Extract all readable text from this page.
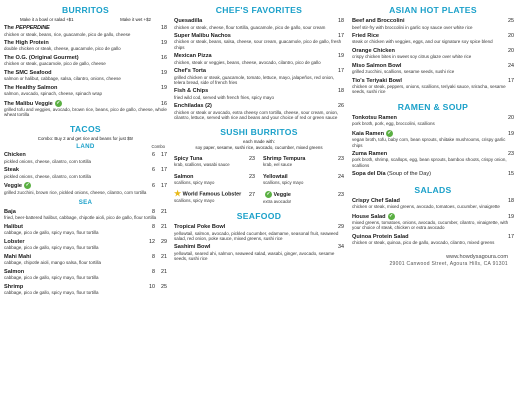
BURRITOS
Make it a bowl or salad +$1	Make it wet +$2
The PEPPERDINE	18
chicken or steak, beans, rice, guacamole, pico de gallo, cheese
The High Protein	19
double chicken or steak, cheese, guacamole, pico de gallo
The O.G. (Original Gourmet)	16
chicken or steak, guacamole, pico de gallo, cheese
The SMC Seafood	19
salmon or halibut, cabbage, salsa, cilantro, onions, cheese
The Healthy Salmon	19
salmon, avocado, spinach, cheese, spinach wrap
The Malibu Veggie ✓	16
grilled tofu and veggies, avocado, brown rice, beans, pico de gallo, cheese, whole wheat tortilla
TACOS
Combo: Buy 2 and get rice and beans for just $5!
LAND	Combo
Chicken	6 17
pickled onions, cheese, cilantro, corn tortilla
Steak	6 17
pickled onions, cheese, cilantro, corn tortilla
Veggie ✓	6 17
grilled zucchini, brown rice, pickled onions, cheese, cilantro, corn tortilla
SEA
Baja	8 21
fried, beer-battered halibut, cabbage, chipotle aioli, pico de gallo, flour tortilla
Halibut	8 21
cabbage, pico de gallo, spicy mayo, flour tortilla
Lobster	12 29
cabbage, pico de gallo, spicy mayo, flour tortilla
Mahi Mahi	8 21
cabbage, chipotle aioli, mango salsa, flour tortilla
Salmon	8 21
cabbage, pico de gallo, spicy mayo, flour tortilla
Shrimp	10 25
cabbage, pico de gallo, spicy mayo, flour tortilla
CHEF'S FAVORITES
Quesadilla	18
chicken or steak, cheese, flour tortilla, guacamole, pico de gallo, sour cream
Super Malibu Nachos	17
chicken or steak, beans, salsa, cheese, sour cream, guacamole, pico de gallo, fresh chips
Mexican Pizza	19
chicken, steak or veggies, beans, cheese, avocado, cilantro, pico de gallo
Chef's Torta	17
grilled chicken or steak, guacamole, tomato, lettuce, mayo, jalapeños, red onion, telera bread, side of french fries
Fish & Chips	18
fried wild cod, served with french fries, spicy mayo
Enchiladas (2)	26
chicken or steak or avocado, extra cheesy corn tortilla, cheese, sour cream, onion, cilantro, lettuce, served with rice and beans and your choice of red or green sauce
SUSHI BURRITOS
each made with:
soy paper, sesame, sushi rice, avocado, cucumber, mixed greens
Spicy Tuna	23
krab, scallions, wasabi sauce
Shrimp Tempura	23
krab, eel sauce
Salmon	23
scallions, spicy mayo
Yellowtail	24
scallions, spicy mayo
★ World Famous Lobster 27
scallions, spicy mayo
✓ Veggie	23
extra avocado!
SEAFOOD
Tropical Poke Bowl	29
yellowtail, salmon, avocado, pickled cucumber, edamame, seasonal fruit, seaweed salad, red onion, poke sauce, mixed greens, sushi rice
Sashimi Bowl	34
yellowtail, seared ahi, salmon, seaweed salad, wasabi, ginger, avocado, sesame seeds, sushi rice
ASIAN HOT PLATES
Beef and Broccolini	25
beef stir-fry with broccolini in garlic soy sauce over white rice
Fried Rice	20
steak or chicken with veggies, eggs, and our signature soy spice blend
Orange Chicken	20
crispy chicken bites in sweet soy citrus glaze over white rice
Miso Salmon Bowl	24
grilled zucchini, scallions, sesame seeds, sushi rice
Tio's Teriyaki Bowl	17
chicken or steak, peppers, onions, scallions, teriyaki sauce, sriracha, sesame seeds, sushi rice
RAMEN & SOUP
Tonkotsu Ramen	20
pork broth, pork, egg, broccolini, scallions
Kaia Ramen ✓	19
vegan broth, tofu, baby corn, bean sprouts, shiitake mushrooms, crispy garlic chips
Zuma Ramen	23
pork broth, shrimp, scallops, egg, bean sprouts, bamboo shoots, crispy onion, scallions
Sopa del Día (Soup of the Day)	15
SALADS
Crispy Chef Salad	18
chicken or steak, mixed greens, avocado, tomatoes, cucumber, vinaigrette
House Salad ✓	19
mixed greens, tomatoes, onions, avocado, cucumber, cilantro, vinaigrette, with your choice of steak, chicken or extra avocado
Quinoa Protein Salad	17
chicken or steak, quinoa, pico de gallo, avocado, cilantro, mixed greens
www.howdysagoura.com
29001 Canwood Street, Agoura Hills, CA 91301
